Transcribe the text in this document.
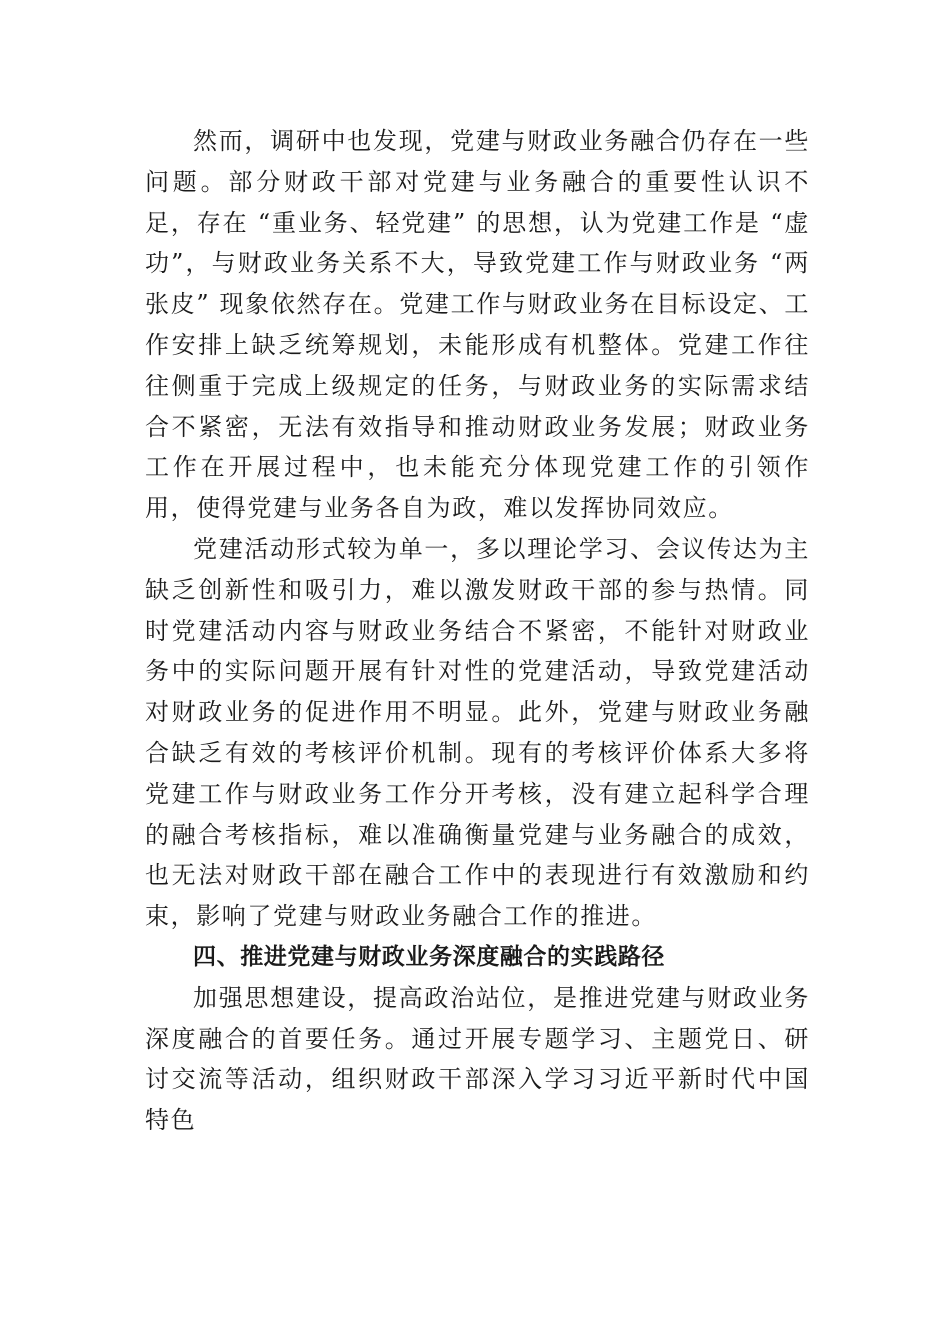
然而，调研中也发现，党建与财政业务融合仍存在一些问题。部分财政干部对党建与业务融合的重要性认识不足，存在 “重业务、轻党建” 的思想，认为党建工作是 “虚功”，与财政业务关系不大，导致党建工作与财政业务 “两张皮” 现象依然存在。党建工作与财政业务在目标设定、工作安排上缺乏统筹规划，未能形成有机整体。党建工作往往侧重于完成上级规定的任务，与财政业务的实际需求结合不紧密，无法有效指导和推动财政业务发展；财政业务工作在开展过程中，也未能充分体现党建工作的引领作用，使得党建与业务各自为政，难以发挥协同效应。

党建活动形式较为单一，多以理论学习、会议传达为主缺乏创新性和吸引力，难以激发财政干部的参与热情。同时党建活动内容与财政业务结合不紧密，不能针对财政业务中的实际问题开展有针对性的党建活动，导致党建活动对财政业务的促进作用不明显。此外，党建与财政业务融合缺乏有效的考核评价机制。现有的考核评价体系大多将党建工作与财政业务工作分开考核，没有建立起科学合理的融合考核指标，难以准确衡量党建与业务融合的成效，也无法对财政干部在融合工作中的表现进行有效激励和约束，影响了党建与财政业务融合工作的推进。

四、推进党建与财政业务深度融合的实践路径

加强思想建设，提高政治站位，是推进党建与财政业务深度融合的首要任务。通过开展专题学习、主题党日、研讨交流等活动，组织财政干部深入学习习近平新时代中国特色
